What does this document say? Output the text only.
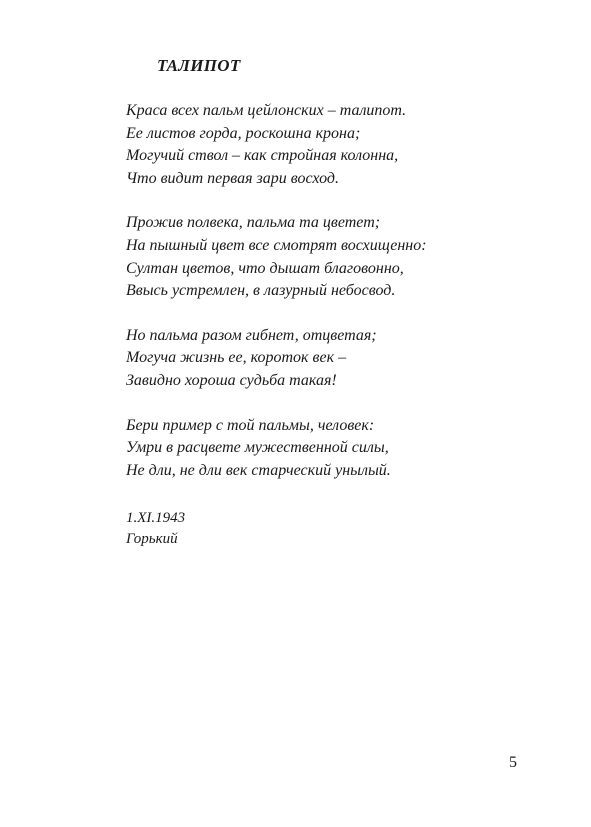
ТАЛИПОТ
Краса всех пальм цейлонских – талипот.
Ее листов горда, роскошна крона;
Могучий ствол – как стройная колонна,
Что видит первая зари восход.
Прожив полвека, пальма та цветет;
На пышный цвет все смотрят восхищенно:
Султан цветов, что дышат благовонно,
Ввысь устремлен, в лазурный небосвод.
Но пальма разом гибнет, отцветая;
Могуча жизнь ее, короток век –
Завидно хороша судьба такая!
Бери пример с той пальмы, человек:
Умри в расцвете мужественной силы,
Не дли, не дли век старческий унылый.
1.XI.1943
Горький
5
